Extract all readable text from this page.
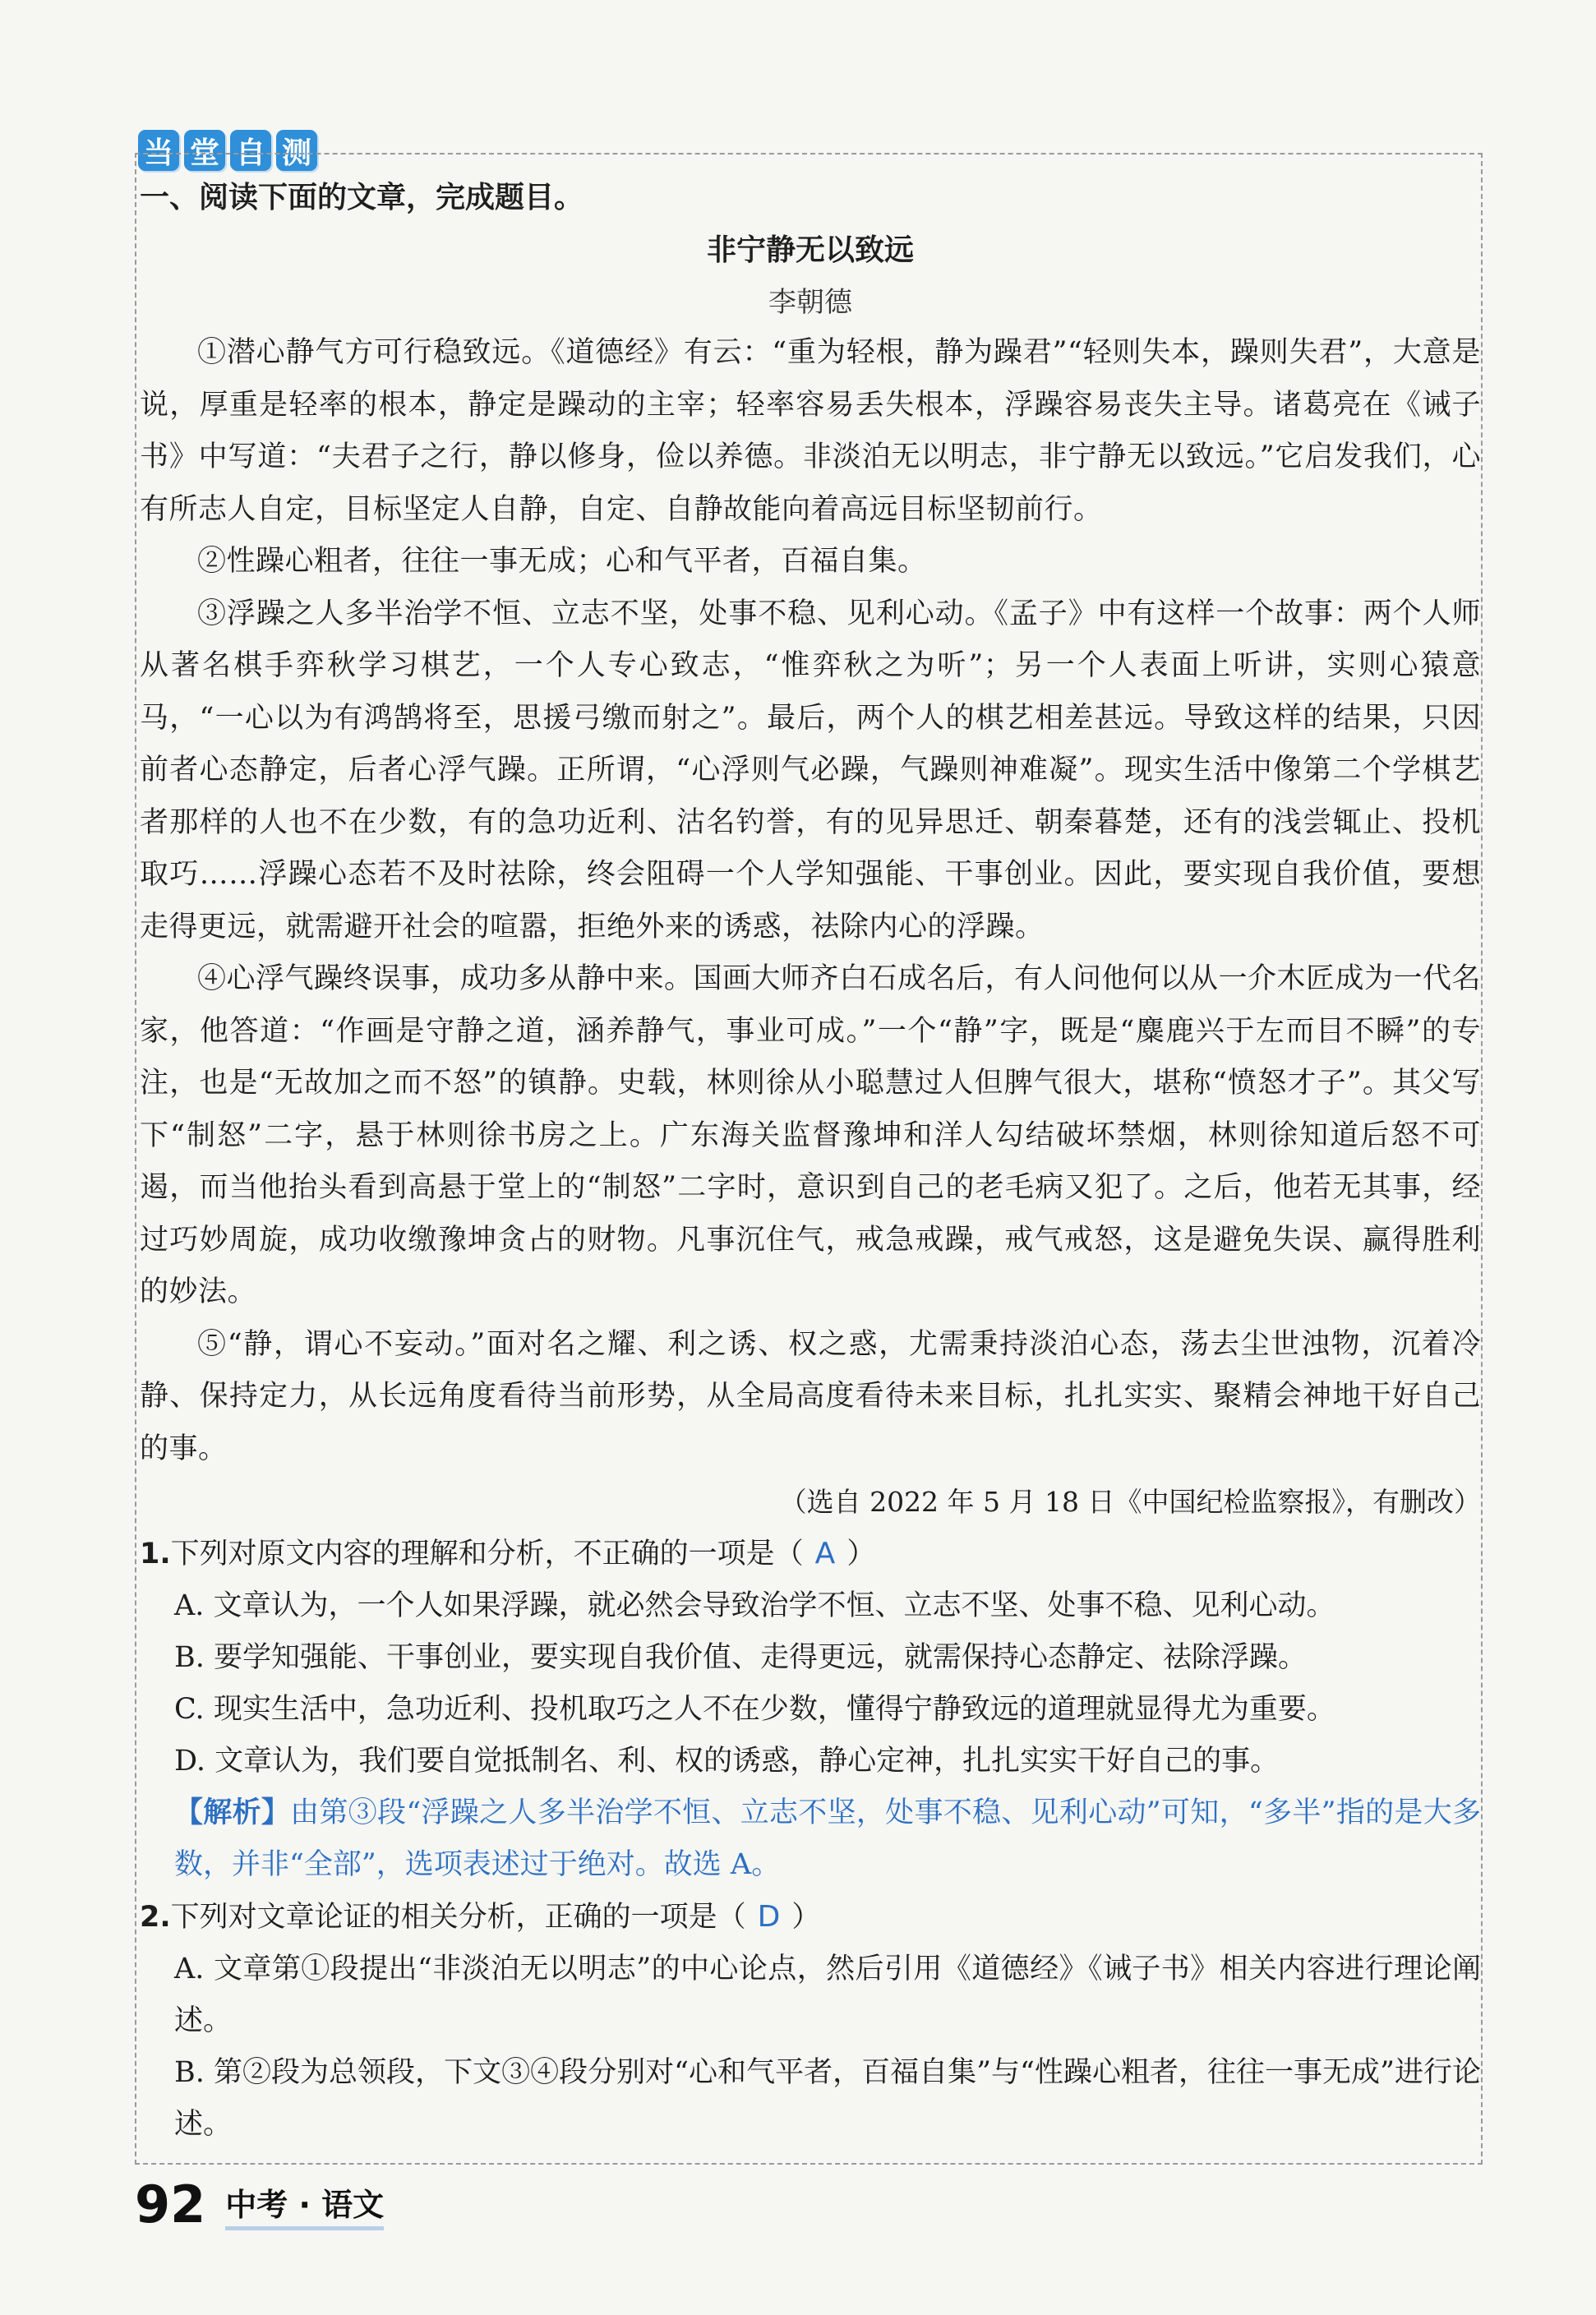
当 堂 自 测
一、阅读下面的文章，完成题目。
非宁静无以致远
李朝德

①潜心静气方可行稳致远。《道德经》有云：“重为轻根，静为躁君”“轻则失本，躁则失君”，大意是说，厚重是轻率的根本，静定是躁动的主宰；轻率容易丢失根本，浮躁容易丧失主导。诸葛亮在《诫子书》中写道：“夫君子之行，静以修身，俭以养德。非淡泊无以明志，非宁静无以致远。”它启发我们，心有所志人自定，目标坚定人自静，自定、自静故能向着高远目标坚韧前行。

②性躁心粗者，往往一事无成；心和气平者，百福自集。

③浮躁之人多半治学不恒、立志不坚，处事不稳、见利心动。《孟子》中有这样一个故事：两个人师从著名棋手弈秋学习棋艺，一个人专心致志，“惟弈秋之为听”；另一个人表面上听讲，实则心猿意马，“一心以为有鸿鹄将至，思援弓缴而射之”。最后，两个人的棋艺相差甚远。导致这样的结果，只因前者心态静定，后者心浮气躁。正所谓，“心浮则气必躁，气躁则神难凝”。现实生活中像第二个学棋艺者那样的人也不在少数，有的急功近利、沽名钓誉，有的见异思迁、朝秦暮楚，还有的浅尝辄止、投机取巧……浮躁心态若不及时祛除，终会阻碍一个人学知强能、干事创业。因此，要实现自我价值，要想走得更远，就需避开社会的喧嚣，拒绝外来的诱惑，祛除内心的浮躁。

④心浮气躁终误事，成功多从静中来。国画大师齐白石成名后，有人问他何以从一介木匠成为一代名家，他答道：“作画是守静之道，涵养静气，事业可成。”一个“静”字，既是“麋鹿兴于左而目不瞬”的专注，也是“无故加之而不怒”的镇静。史载，林则徐从小聪慧过人但脾气很大，堪称“愤怒才子”。其父写下“制怒”二字，悬于林则徐书房之上。广东海关监督豫坤和洋人勾结破坏禁烟，林则徐知道后怒不可遏，而当他抬头看到高悬于堂上的“制怒”二字时，意识到自己的老毛病又犯了。之后，他若无其事，经过巧妙周旋，成功收缴豫坤贪占的财物。凡事沉住气，戒急戒躁，戒气戒怒，这是避免失误、赢得胜利的妙法。

⑤“静，谓心不妄动。”面对名之耀、利之诱、权之惑，尤需秉持淡泊心态，荡去尘世浊物，沉着冷静、保持定力，从长远角度看待当前形势，从全局高度看待未来目标，扎扎实实、聚精会神地干好自己的事。

（选自 2022 年 5 月 18 日《中国纪检监察报》，有删改）

1.下列对原文内容的理解和分析，不正确的一项是（ A ）

A. 文章认为，一个人如果浮躁，就必然会导致治学不恒、立志不坚、处事不稳、见利心动。

B. 要学知强能、干事创业，要实现自我价值、走得更远，就需保持心态静定、祛除浮躁。

C. 现实生活中，急功近利、投机取巧之人不在少数，懂得宁静致远的道理就显得尤为重要。

D. 文章认为，我们要自觉抵制名、利、权的诱惑，静心定神，扎扎实实干好自己的事。

【解析】由第③段“浮躁之人多半治学不恒、立志不坚，处事不稳、见利心动”可知，“多半”指的是大多数，并非“全部”，选项表述过于绝对。故选 A。

2.下列对文章论证的相关分析，正确的一项是（ D ）

A. 文章第①段提出“非淡泊无以明志”的中心论点，然后引用《道德经》《诫子书》相关内容进行理论阐述。

B. 第②段为总领段，下文③④段分别对“心和气平者，百福自集”与“性躁心粗者，往往一事无成”进行论述。

92 中考 · 语文
